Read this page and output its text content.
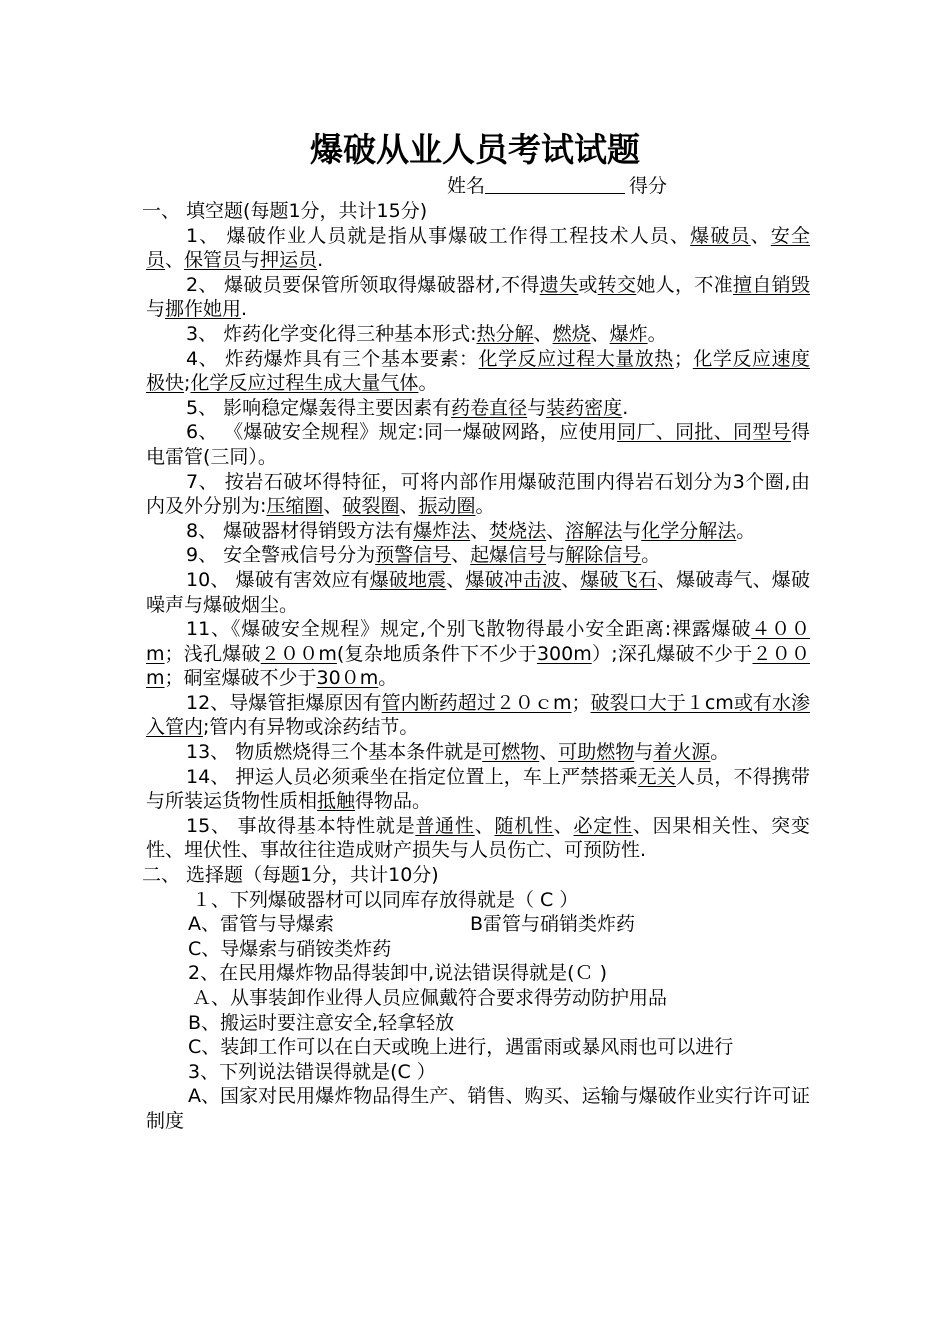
爆破从业人员考试试题
姓名	得分

一、 填空题(每题1分，共计15分)

1、 爆破作业人员就是指从事爆破工作得工程技术人员、爆破员、安全员、保管员与押运员.

2、 爆破员要保管所领取得爆破器材,不得遗失或转交她人，不准擅自销毁与挪作她用.

3、 炸药化学变化得三种基本形式:热分解、燃烧、爆炸。

4、 炸药爆炸具有三个基本要素：化学反应过程大量放热；化学反应速度极快;化学反应过程生成大量气体。

5、 影响稳定爆轰得主要因素有药卷直径与装药密度.

6、 《爆破安全规程》规定:同一爆破网路，应使用同厂、同批、同型号得电雷管(三同）。

7、 按岩石破坏得特征，可将内部作用爆破范围内得岩石划分为3个圈,由内及外分别为:压缩圈、破裂圈、振动圈。

8、 爆破器材得销毁方法有爆炸法、焚烧法、溶解法与化学分解法。

9、 安全警戒信号分为预警信号、起爆信号与解除信号。

10、 爆破有害效应有爆破地震、爆破冲击波、爆破飞石、爆破毒气、爆破噪声与爆破烟尘。

11、《爆破安全规程》规定,个别飞散物得最小安全距离:裸露爆破４００m；浅孔爆破２００m(复杂地质条件下不少于300m）;深孔爆破不少于２００m；硐室爆破不少于30０m。

12、导爆管拒爆原因有管内断药超过２０ｃm；破裂口大于１cm或有水渗入管内;管内有异物或涂药结节。

13、 物质燃烧得三个基本条件就是可燃物、可助燃物与着火源。

14、 押运人员必须乘坐在指定位置上，车上严禁搭乘无关人员，不得携带与所装运货物性质相抵触得物品。

15、 事故得基本特性就是普通性、随机性、必定性、因果相关性、突变性、埋伏性、事故往往造成财产损失与人员伤亡、可预防性.

二、 选择题（每题1分，共计10分)

１、下列爆破器材可以同库存放得就是（ C ）

A、雷管与导爆索	B雷管与硝销类炸药

C、导爆索与硝铵类炸药

2、在民用爆炸物品得装卸中,说法错误得就是(Ｃ )

Ａ、从事装卸作业得人员应佩戴符合要求得劳动防护用品

B、搬运时要注意安全,轻拿轻放

C、装卸工作可以在白天或晚上进行，遇雷雨或暴风雨也可以进行

3、下列说法错误得就是(C ）

A、国家对民用爆炸物品得生产、销售、购买、运输与爆破作业实行许可证制度
